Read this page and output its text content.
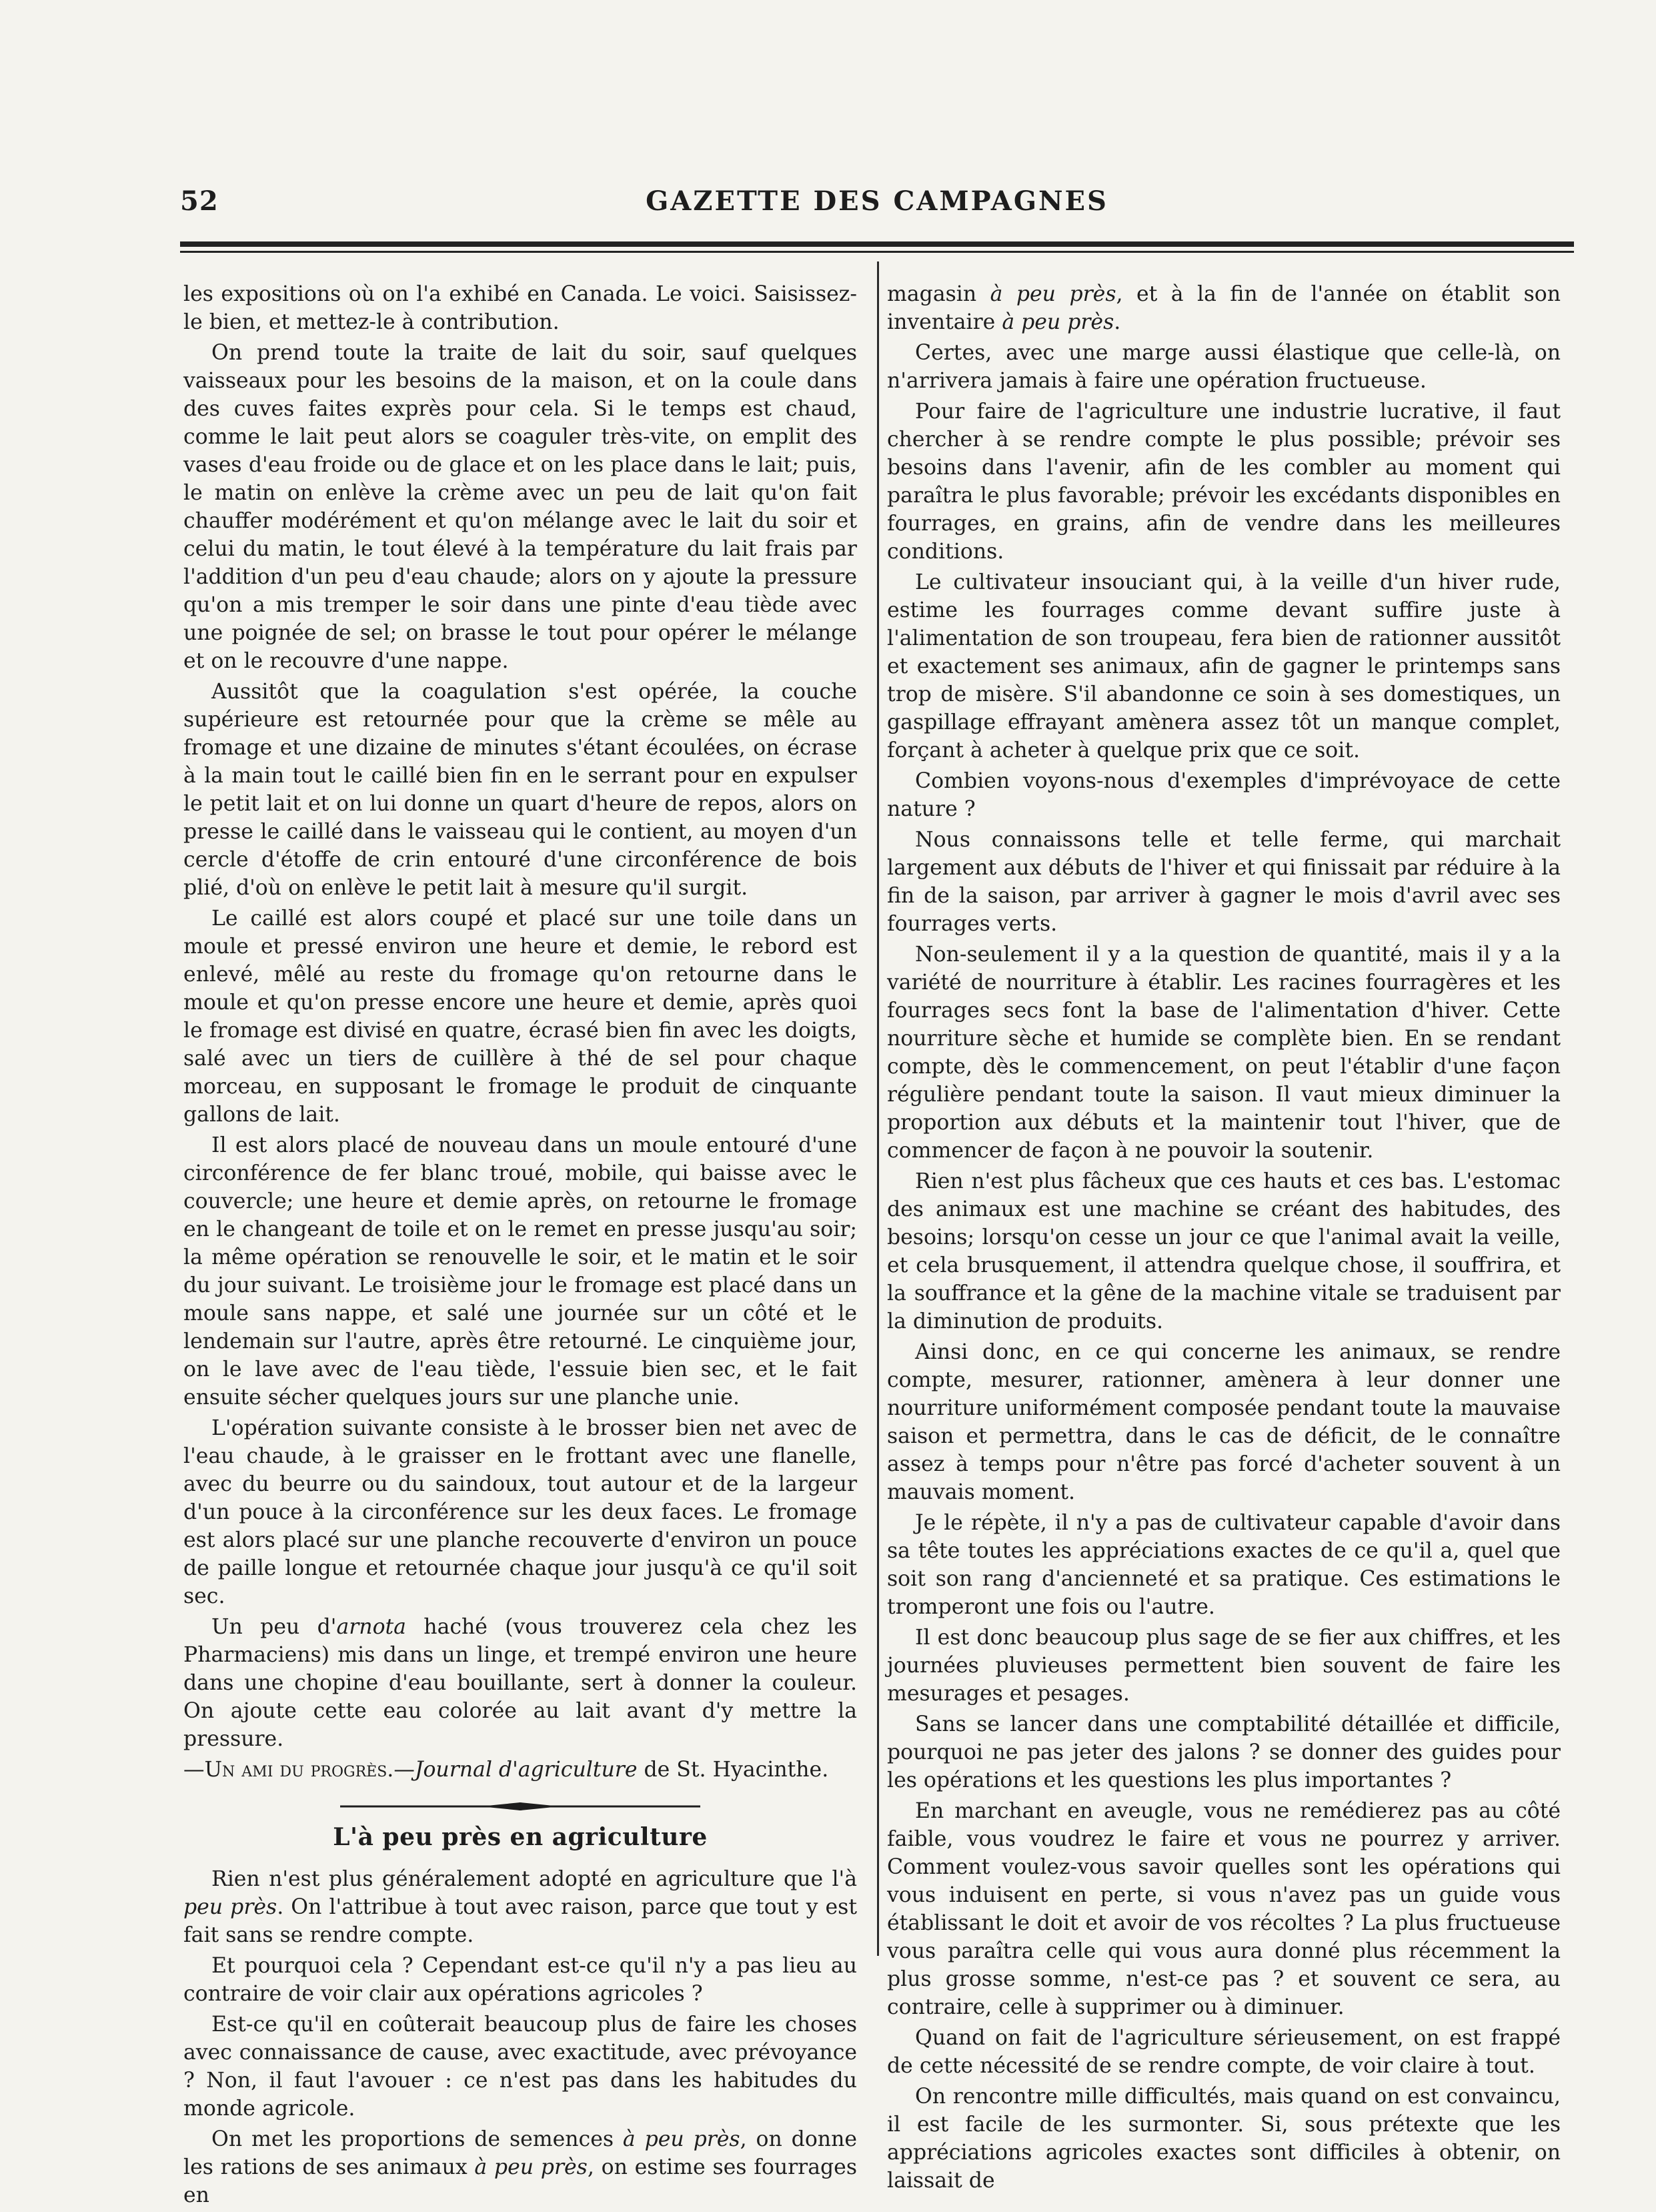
52	GAZETTE DES CAMPAGNES

les expositions où on l'a exhibé en Canada. Le voici. Saisissez-le bien, et mettez-le à contribution.

On prend toute la traite de lait du soir, sauf quelques vaisseaux pour les besoins de la maison, et on la coule dans des cuves faites exprès pour cela. Si le temps est chaud, comme le lait peut alors se coaguler très-vite, on emplit des vases d'eau froide ou de glace et on les place dans le lait; puis, le matin on enlève la crème avec un peu de lait qu'on fait chauffer modérément et qu'on mélange avec le lait du soir et celui du matin, le tout élevé à la température du lait frais par l'addition d'un peu d'eau chaude; alors on y ajoute la pressure qu'on a mis tremper le soir dans une pinte d'eau tiède avec une poignée de sel; on brasse le tout pour opérer le mélange et on le recouvre d'une nappe.

Aussitôt que la coagulation s'est opérée, la couche supérieure est retournée pour que la crème se mêle au fromage et une dizaine de minutes s'étant écoulées, on écrase à la main tout le caillé bien fin en le serrant pour en expulser le petit lait et on lui donne un quart d'heure de repos, alors on presse le caillé dans le vaisseau qui le contient, au moyen d'un cercle d'étoffe de crin entouré d'une circonférence de bois plié, d'où on enlève le petit lait à mesure qu'il surgit.

Le caillé est alors coupé et placé sur une toile dans un moule et pressé environ une heure et demie, le rebord est enlevé, mêlé au reste du fromage qu'on retourne dans le moule et qu'on presse encore une heure et demie, après quoi le fromage est divisé en quatre, écrasé bien fin avec les doigts, salé avec un tiers de cuillère à thé de sel pour chaque morceau, en supposant le fromage le produit de cinquante gallons de lait.

Il est alors placé de nouveau dans un moule entouré d'une circonférence de fer blanc troué, mobile, qui baisse avec le couvercle; une heure et demie après, on retourne le fromage en le changeant de toile et on le remet en presse jusqu'au soir; la même opération se renouvelle le soir, et le matin et le soir du jour suivant. Le troisième jour le fromage est placé dans un moule sans nappe, et salé une journée sur un côté et le lendemain sur l'autre, après être retourné. Le cinquième jour, on le lave avec de l'eau tiède, l'essuie bien sec, et le fait ensuite sécher quelques jours sur une planche unie.

L'opération suivante consiste à le brosser bien net avec de l'eau chaude, à le graisser en le frottant avec une flanelle, avec du beurre ou du saindoux, tout autour et de la largeur d'un pouce à la circonférence sur les deux faces. Le fromage est alors placé sur une planche recouverte d'environ un pouce de paille longue et retournée chaque jour jusqu'à ce qu'il soit sec.

Un peu d'arnota haché (vous trouverez cela chez les Pharmaciens) mis dans un linge, et trempé environ une heure dans une chopine d'eau bouillante, sert à donner la couleur. On ajoute cette eau colorée au lait avant d'y mettre la pressure.

—Un ami du progrès.—Journal d'agriculture de St. Hyacinthe.

L'à peu près en agriculture

Rien n'est plus généralement adopté en agriculture que l'à peu près. On l'attribue à tout avec raison, parce que tout y est fait sans se rendre compte.

Et pourquoi cela ? Cependant est-ce qu'il n'y a pas lieu au contraire de voir clair aux opérations agricoles ?

Est-ce qu'il en coûterait beaucoup plus de faire les choses avec connaissance de cause, avec exactitude, avec prévoyance ? Non, il faut l'avouer : ce n'est pas dans les habitudes du monde agricole.

On met les proportions de semences à peu près, on donne les rations de ses animaux à peu près, on estime ses fourrages en

magasin à peu près, et à la fin de l'année on établit son inventaire à peu près.

Certes, avec une marge aussi élastique que celle-là, on n'arrivera jamais à faire une opération fructueuse.

Pour faire de l'agriculture une industrie lucrative, il faut chercher à se rendre compte le plus possible; prévoir ses besoins dans l'avenir, afin de les combler au moment qui paraîtra le plus favorable; prévoir les excédants disponibles en fourrages, en grains, afin de vendre dans les meilleures conditions.

Le cultivateur insouciant qui, à la veille d'un hiver rude, estime les fourrages comme devant suffire juste à l'alimentation de son troupeau, fera bien de rationner aussitôt et exactement ses animaux, afin de gagner le printemps sans trop de misère. S'il abandonne ce soin à ses domestiques, un gaspillage effrayant amènera assez tôt un manque complet, forçant à acheter à quelque prix que ce soit.

Combien voyons-nous d'exemples d'imprévoyace de cette nature ?

Nous connaissons telle et telle ferme, qui marchait largement aux débuts de l'hiver et qui finissait par réduire à la fin de la saison, par arriver à gagner le mois d'avril avec ses fourrages verts.

Non-seulement il y a la question de quantité, mais il y a la variété de nourriture à établir. Les racines fourragères et les fourrages secs font la base de l'alimentation d'hiver. Cette nourriture sèche et humide se complète bien. En se rendant compte, dès le commencement, on peut l'établir d'une façon régulière pendant toute la saison. Il vaut mieux diminuer la proportion aux débuts et la maintenir tout l'hiver, que de commencer de façon à ne pouvoir la soutenir.

Rien n'est plus fâcheux que ces hauts et ces bas. L'estomac des animaux est une machine se créant des habitudes, des besoins; lorsqu'on cesse un jour ce que l'animal avait la veille, et cela brusquement, il attendra quelque chose, il souffrira, et la souffrance et la gêne de la machine vitale se traduisent par la diminution de produits.

Ainsi donc, en ce qui concerne les animaux, se rendre compte, mesurer, rationner, amènera à leur donner une nourriture uniformément composée pendant toute la mauvaise saison et permettra, dans le cas de déficit, de le connaître assez à temps pour n'être pas forcé d'acheter souvent à un mauvais moment.

Je le répète, il n'y a pas de cultivateur capable d'avoir dans sa tête toutes les appréciations exactes de ce qu'il a, quel que soit son rang d'ancienneté et sa pratique. Ces estimations le tromperont une fois ou l'autre.

Il est donc beaucoup plus sage de se fier aux chiffres, et les journées pluvieuses permettent bien souvent de faire les mesurages et pesages.

Sans se lancer dans une comptabilité détaillée et difficile, pourquoi ne pas jeter des jalons ? se donner des guides pour les opérations et les questions les plus importantes ?

En marchant en aveugle, vous ne remédierez pas au côté faible, vous voudrez le faire et vous ne pourrez y arriver. Comment voulez-vous savoir quelles sont les opérations qui vous induisent en perte, si vous n'avez pas un guide vous établissant le doit et avoir de vos récoltes ? La plus fructueuse vous paraîtra celle qui vous aura donné plus récemment la plus grosse somme, n'est-ce pas ? et souvent ce sera, au contraire, celle à supprimer ou à diminuer.

Quand on fait de l'agriculture sérieusement, on est frappé de cette nécessité de se rendre compte, de voir claire à tout.

On rencontre mille difficultés, mais quand on est convaincu, il est facile de les surmonter. Si, sous prétexte que les appréciations agricoles exactes sont difficiles à obtenir, on laissait de
